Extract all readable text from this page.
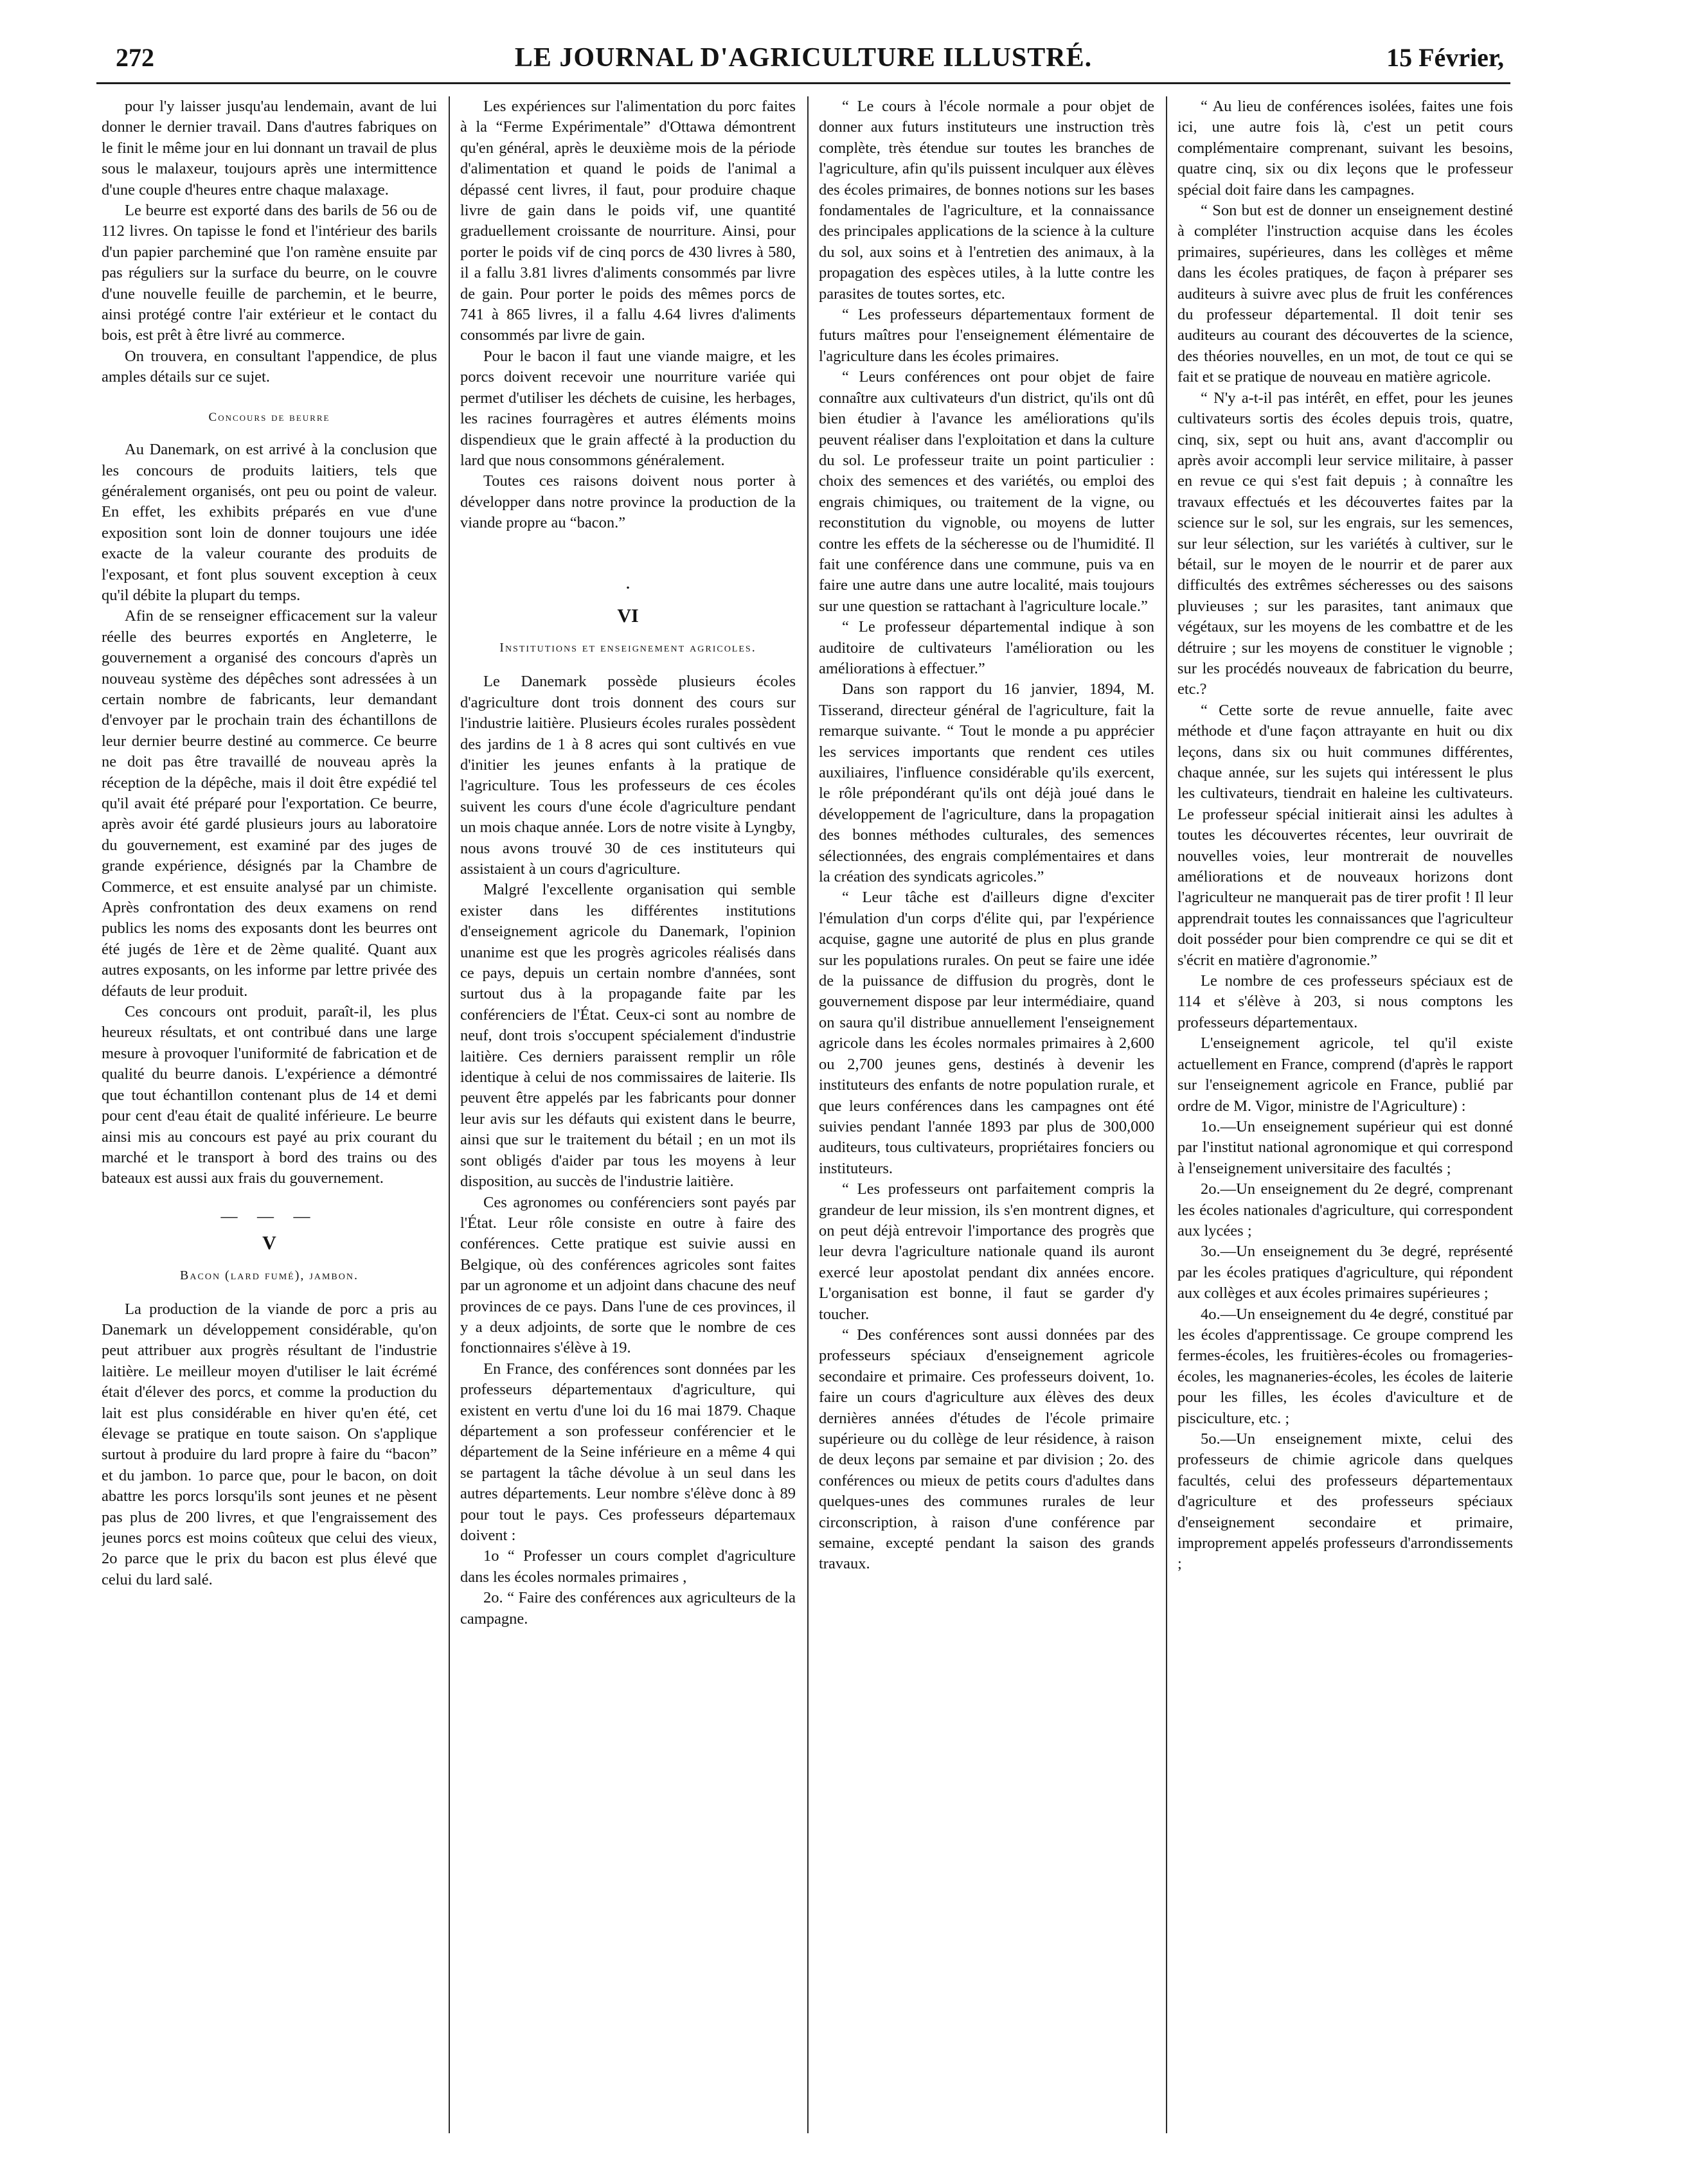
272	LE JOURNAL D'AGRICULTURE ILLUSTRÉ.	15 Février,

pour l'y laisser jusqu'au lendemain, avant de lui donner le dernier travail. Dans d'autres fabriques on le finit le même jour en lui donnant un travail de plus sous le malaxeur, toujours après une intermittence d'une couple d'heures entre chaque malaxage.

Le beurre est exporté dans des barils de 56 ou de 112 livres. On tapisse le fond et l'intérieur des barils d'un papier parcheminé que l'on ramène ensuite par pas réguliers sur la surface du beurre, on le couvre d'une nouvelle feuille de parchemin, et le beurre, ainsi protégé contre l'air extérieur et le contact du bois, est prêt à être livré au commerce.

On trouvera, en consultant l'appendice, de plus amples détails sur ce sujet.

Concours de beurre

Au Danemark, on est arrivé à la conclusion que les concours de produits laitiers, tels que généralement organisés, ont peu ou point de valeur. En effet, les exhibits préparés en vue d'une exposition sont loin de donner toujours une idée exacte de la valeur courante des produits de l'exposant, et font plus souvent exception à ceux qu'il débite la plupart du temps.

Afin de se renseigner efficacement sur la valeur réelle des beurres exportés en Angleterre, le gouvernement a organisé des concours d'après un nouveau système des dépêches sont adressées à un certain nombre de fabricants, leur demandant d'envoyer par le prochain train des échantillons de leur dernier beurre destiné au commerce. Ce beurre ne doit pas être travaillé de nouveau après la réception de la dépêche, mais il doit être expédié tel qu'il avait été préparé pour l'exportation. Ce beurre, après avoir été gardé plusieurs jours au laboratoire du gouvernement, est examiné par des juges de grande expérience, désignés par la Chambre de Commerce, et est ensuite analysé par un chimiste. Après confrontation des deux examens on rend publics les noms des exposants dont les beurres ont été jugés de 1ère et de 2ème qualité. Quant aux autres exposants, on les informe par lettre privée des défauts de leur produit.

Ces concours ont produit, paraît-il, les plus heureux résultats, et ont contribué dans une large mesure à provoquer l'uniformité de fabrication et de qualité du beurre danois. L'expérience a démontré que tout échantillon contenant plus de 14 et demi pour cent d'eau était de qualité inférieure. Le beurre ainsi mis au concours est payé au prix courant du marché et le transport à bord des trains ou des bateaux est aussi aux frais du gouvernement.

— — —
V
Bacon (lard fumé), jambon.

La production de la viande de porc a pris au Danemark un développement considérable, qu'on peut attribuer aux progrès résultant de l'industrie laitière. Le meilleur moyen d'utiliser le lait écrémé était d'élever des porcs, et comme la production du lait est plus considérable en hiver qu'en été, cet élevage se pratique en toute saison. On s'applique surtout à produire du lard propre à faire du “bacon” et du jambon. 1o parce que, pour le bacon, on doit abattre les porcs lorsqu'ils sont jeunes et ne pèsent pas plus de 200 livres, et que l'engraissement des jeunes porcs est moins coûteux que celui des vieux, 2o parce que le prix du bacon est plus élevé que celui du lard salé.

Les expériences sur l'alimentation du porc faites à la “Ferme Expérimentale” d'Ottawa démontrent qu'en général, après le deuxième mois de la période d'alimentation et quand le poids de l'animal a dépassé cent livres, il faut, pour produire chaque livre de gain dans le poids vif, une quantité graduellement croissante de nourriture. Ainsi, pour porter le poids vif de cinq porcs de 430 livres à 580, il a fallu 3.81 livres d'aliments consommés par livre de gain. Pour porter le poids des mêmes porcs de 741 à 865 livres, il a fallu 4.64 livres d'aliments consommés par livre de gain.

Pour le bacon il faut une viande maigre, et les porcs doivent recevoir une nourriture variée qui permet d'utiliser les déchets de cuisine, les herbages, les racines fourragères et autres éléments moins dispendieux que le grain affecté à la production du lard que nous consommons généralement.

Toutes ces raisons doivent nous porter à développer dans notre province la production de la viande propre au “bacon.”

.
VI
Institutions et enseignement agricoles.

Le Danemark possède plusieurs écoles d'agriculture dont trois donnent des cours sur l'industrie laitière. Plusieurs écoles rurales possèdent des jardins de 1 à 8 acres qui sont cultivés en vue d'initier les jeunes enfants à la pratique de l'agriculture. Tous les professeurs de ces écoles suivent les cours d'une école d'agriculture pendant un mois chaque année. Lors de notre visite à Lyngby, nous avons trouvé 30 de ces instituteurs qui assistaient à un cours d'agriculture.

Malgré l'excellente organisation qui semble exister dans les différentes institutions d'enseignement agricole du Danemark, l'opinion unanime est que les progrès agricoles réalisés dans ce pays, depuis un certain nombre d'années, sont surtout dus à la propagande faite par les conférenciers de l'État. Ceux-ci sont au nombre de neuf, dont trois s'occupent spécialement d'industrie laitière. Ces derniers paraissent remplir un rôle identique à celui de nos commissaires de laiterie. Ils peuvent être appelés par les fabricants pour donner leur avis sur les défauts qui existent dans le beurre, ainsi que sur le traitement du bétail ; en un mot ils sont obligés d'aider par tous les moyens à leur disposition, au succès de l'industrie laitière.

Ces agronomes ou conférenciers sont payés par l'État. Leur rôle consiste en outre à faire des conférences. Cette pratique est suivie aussi en Belgique, où des conférences agricoles sont faites par un agronome et un adjoint dans chacune des neuf provinces de ce pays. Dans l'une de ces provinces, il y a deux adjoints, de sorte que le nombre de ces fonctionnaires s'élève à 19.

En France, des conférences sont données par les professeurs départementaux d'agriculture, qui existent en vertu d'une loi du 16 mai 1879. Chaque département a son professeur conférencier et le département de la Seine inférieure en a même 4 qui se partagent la tâche dévolue à un seul dans les autres départements. Leur nombre s'élève donc à 89 pour tout le pays. Ces professeurs départemaux doivent :

1o “ Professer un cours complet d'agriculture dans les écoles normales primaires ,

2o. “ Faire des conférences aux agriculteurs de la campagne.

“ Le cours à l'école normale a pour objet de donner aux futurs instituteurs une instruction très complète, très étendue sur toutes les branches de l'agriculture, afin qu'ils puissent inculquer aux élèves des écoles primaires, de bonnes notions sur les bases fondamentales de l'agriculture, et la connaissance des principales applications de la science à la culture du sol, aux soins et à l'entretien des animaux, à la propagation des espèces utiles, à la lutte contre les parasites de toutes sortes, etc.

“ Les professeurs départementaux forment de futurs maîtres pour l'enseignement élémentaire de l'agriculture dans les écoles primaires.

“ Leurs conférences ont pour objet de faire connaître aux cultivateurs d'un district, qu'ils ont dû bien étudier à l'avance les améliorations qu'ils peuvent réaliser dans l'exploitation et dans la culture du sol. Le professeur traite un point particulier : choix des semences et des variétés, ou emploi des engrais chimiques, ou traitement de la vigne, ou reconstitution du vignoble, ou moyens de lutter contre les effets de la sécheresse ou de l'humidité. Il fait une conférence dans une commune, puis va en faire une autre dans une autre localité, mais toujours sur une question se rattachant à l'agriculture locale.”

“ Le professeur départemental indique à son auditoire de cultivateurs l'amélioration ou les améliorations à effectuer.”

Dans son rapport du 16 janvier, 1894, M. Tisserand, directeur général de l'agriculture, fait la remarque suivante. “ Tout le monde a pu apprécier les services importants que rendent ces utiles auxiliaires, l'influence considérable qu'ils exercent, le rôle prépondérant qu'ils ont déjà joué dans le développement de l'agriculture, dans la propagation des bonnes méthodes culturales, des semences sélectionnées, des engrais complémentaires et dans la création des syndicats agricoles.”

“ Leur tâche est d'ailleurs digne d'exciter l'émulation d'un corps d'élite qui, par l'expérience acquise, gagne une autorité de plus en plus grande sur les populations rurales. On peut se faire une idée de la puissance de diffusion du progrès, dont le gouvernement dispose par leur intermédiaire, quand on saura qu'il distribue annuellement l'enseignement agricole dans les écoles normales primaires à 2,600 ou 2,700 jeunes gens, destinés à devenir les instituteurs des enfants de notre population rurale, et que leurs conférences dans les campagnes ont été suivies pendant l'année 1893 par plus de 300,000 auditeurs, tous cultivateurs, propriétaires fonciers ou instituteurs.

“ Les professeurs ont parfaitement compris la grandeur de leur mission, ils s'en montrent dignes, et on peut déjà entrevoir l'importance des progrès que leur devra l'agriculture nationale quand ils auront exercé leur apostolat pendant dix années encore. L'organisation est bonne, il faut se garder d'y toucher.

“ Des conférences sont aussi données par des professeurs spéciaux d'enseignement agricole secondaire et primaire. Ces professeurs doivent, 1o. faire un cours d'agriculture aux élèves des deux dernières années d'études de l'école primaire supérieure ou du collège de leur résidence, à raison de deux leçons par semaine et par division ; 2o. des conférences ou mieux de petits cours d'adultes dans quelques-unes des communes rurales de leur circonscription, à raison d'une conférence par semaine, excepté pendant la saison des grands travaux.

“ Au lieu de conférences isolées, faites une fois ici, une autre fois là, c'est un petit cours complémentaire comprenant, suivant les besoins, quatre cinq, six ou dix leçons que le professeur spécial doit faire dans les campagnes.

“ Son but est de donner un enseignement destiné à compléter l'instruction acquise dans les écoles primaires, supérieures, dans les collèges et même dans les écoles pratiques, de façon à préparer ses auditeurs à suivre avec plus de fruit les conférences du professeur départemental. Il doit tenir ses auditeurs au courant des découvertes de la science, des théories nouvelles, en un mot, de tout ce qui se fait et se pratique de nouveau en matière agricole.

“ N'y a-t-il pas intérêt, en effet, pour les jeunes cultivateurs sortis des écoles depuis trois, quatre, cinq, six, sept ou huit ans, avant d'accomplir ou après avoir accompli leur service militaire, à passer en revue ce qui s'est fait depuis ; à connaître les travaux effectués et les découvertes faites par la science sur le sol, sur les engrais, sur les semences, sur leur sélection, sur les variétés à cultiver, sur le bétail, sur le moyen de le nourrir et de parer aux difficultés des extrêmes sécheresses ou des saisons pluvieuses ; sur les parasites, tant animaux que végétaux, sur les moyens de les combattre et de les détruire ; sur les moyens de constituer le vignoble ; sur les procédés nouveaux de fabrication du beurre, etc.?

“ Cette sorte de revue annuelle, faite avec méthode et d'une façon attrayante en huit ou dix leçons, dans six ou huit communes différentes, chaque année, sur les sujets qui intéressent le plus les cultivateurs, tiendrait en haleine les cultivateurs. Le professeur spécial initierait ainsi les adultes à toutes les découvertes récentes, leur ouvrirait de nouvelles voies, leur montrerait de nouvelles améliorations et de nouveaux horizons dont l'agriculteur ne manquerait pas de tirer profit ! Il leur apprendrait toutes les connaissances que l'agriculteur doit posséder pour bien comprendre ce qui se dit et s'écrit en matière d'agronomie.”

Le nombre de ces professeurs spéciaux est de 114 et s'élève à 203, si nous comptons les professeurs départementaux.

L'enseignement agricole, tel qu'il existe actuellement en France, comprend (d'après le rapport sur l'enseignement agricole en France, publié par ordre de M. Vigor, ministre de l'Agriculture) :

1o.—Un enseignement supérieur qui est donné par l'institut national agronomique et qui correspond à l'enseignement universitaire des facultés ;

2o.—Un enseignement du 2e degré, comprenant les écoles nationales d'agriculture, qui correspondent aux lycées ;

3o.—Un enseignement du 3e degré, représenté par les écoles pratiques d'agriculture, qui répondent aux collèges et aux écoles primaires supérieures ;

4o.—Un enseignement du 4e degré, constitué par les écoles d'apprentissage. Ce groupe comprend les fermes-écoles, les fruitières-écoles ou fromageries-écoles, les magnaneries-écoles, les écoles de laiterie pour les filles, les écoles d'aviculture et de pisciculture, etc. ;

5o.—Un enseignement mixte, celui des professeurs de chimie agricole dans quelques facultés, celui des professeurs départementaux d'agriculture et des professeurs spéciaux d'enseignement secondaire et primaire, improprement appelés professeurs d'arrondissements ;
